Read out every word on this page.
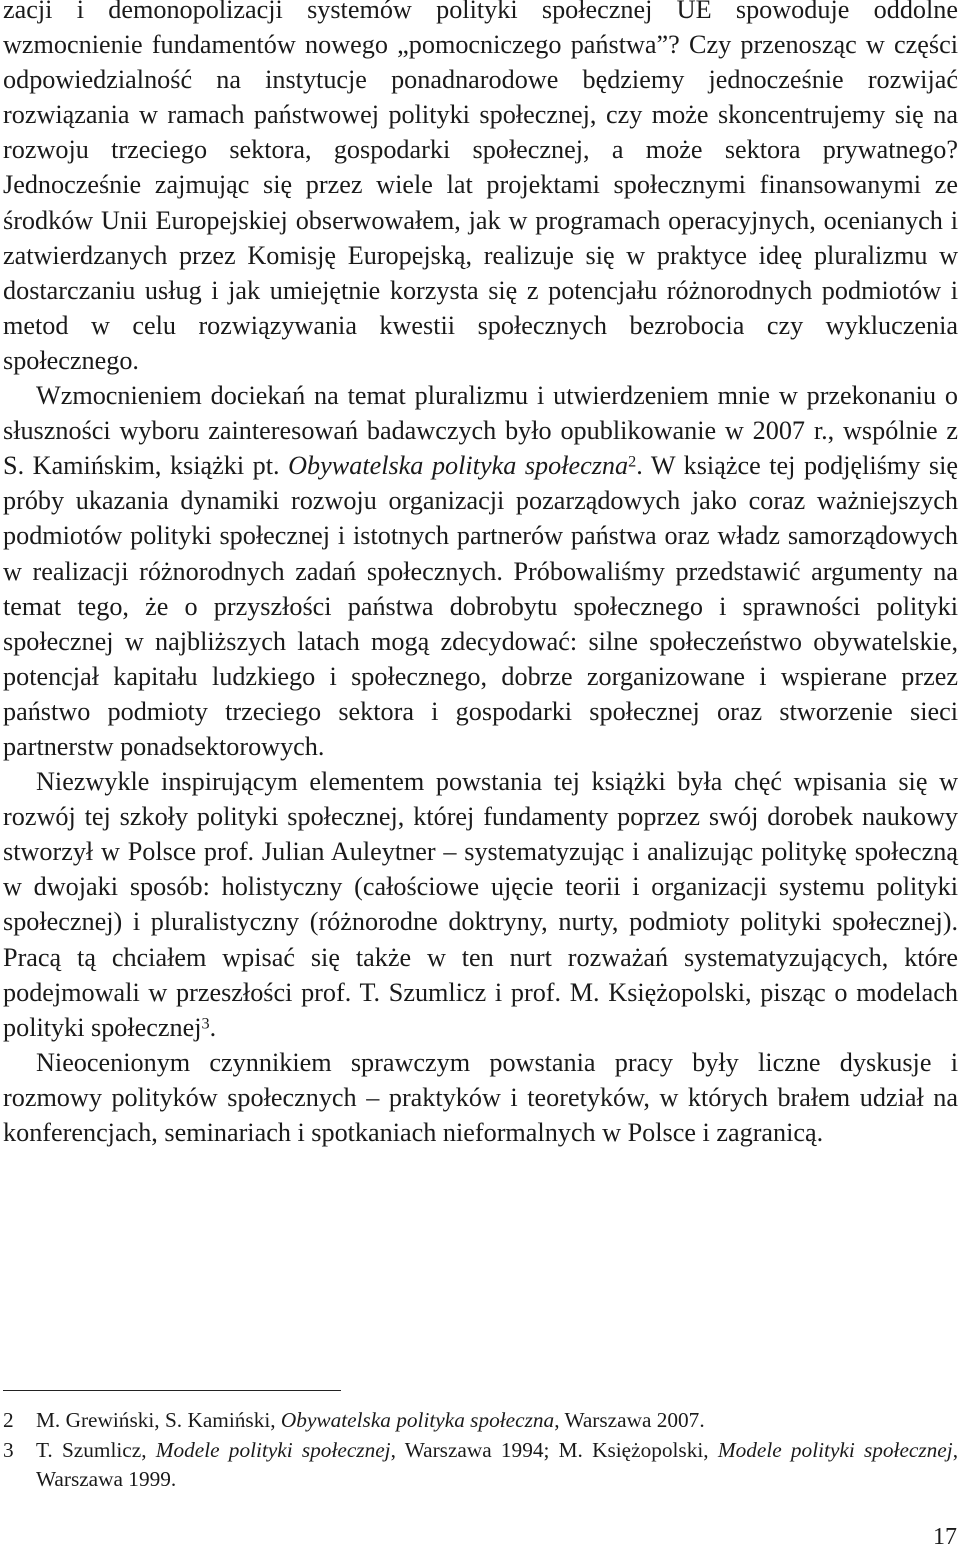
zacji i demonopolizacji systemów polityki społecznej UE spowoduje oddolne wzmocnienie fundamentów nowego „pomocniczego państwa”? Czy przenosząc w części odpowiedzialność na instytucje ponadnarodowe będziemy jednocześnie rozwijać rozwiązania w ramach państwowej polityki społecznej, czy może skoncentrujemy się na rozwoju trzeciego sektora, gospodarki społecznej, a może sektora prywatnego? Jednocześnie zajmując się przez wiele lat projektami społecznymi finansowanymi ze środków Unii Europejskiej obserwowałem, jak w programach operacyjnych, ocenianych i zatwierdzanych przez Komisję Europejską, realizuje się w praktyce ideę pluralizmu w dostarczaniu usług i jak umiejętnie korzysta się z potencjału różnorodnych podmiotów i metod w celu rozwiązywania kwestii społecznych bezrobocia czy wykluczenia społecznego.

Wzmocnieniem dociekań na temat pluralizmu i utwierdzeniem mnie w przekonaniu o słuszności wyboru zainteresowań badawczych było opublikowanie w 2007 r., wspólnie z S. Kamińskim, książki pt. Obywatelska polityka społeczna$^2$. W książce tej podjęliśmy się próby ukazania dynamiki rozwoju organizacji pozarządowych jako coraz ważniejszych podmiotów polityki społecznej i istotnych partnerów państwa oraz władz samorządowych w realizacji różnorodnych zadań społecznych. Próbowaliśmy przedstawić argumenty na temat tego, że o przyszłości państwa dobrobytu społecznego i sprawności polityki społecznej w najbliższych latach mogą zdecydować: silne społeczeństwo obywatelskie, potencjał kapitału ludzkiego i społecznego, dobrze zorganizowane i wspierane przez państwo podmioty trzeciego sektora i gospodarki społecznej oraz stworzenie sieci partnerstw ponadsektorowych.

Niezwykle inspirującym elementem powstania tej książki była chęć wpisania się w rozwój tej szkoły polityki społecznej, której fundamenty poprzez swój dorobek naukowy stworzył w Polsce prof. Julian Auleytner – systematyzując i analizując politykę społeczną w dwojaki sposób: holistyczny (całościowe ujęcie teorii i organizacji systemu polityki społecznej) i pluralistyczny (różnorodne doktryny, nurty, podmioty polityki społecznej). Pracą tą chciałem wpisać się także w ten nurt rozważań systematyzujących, które podejmowali w przeszłości prof. T. Szumlicz i prof. M. Księżopolski, pisząc o modelach polityki społecznej$^3$.

Nieocenionym czynnikiem sprawczym powstania pracy były liczne dyskusje i rozmowy polityków społecznych – praktyków i teoretyków, w których brałem udział na konferencjach, seminariach i spotkaniach nieformalnych w Polsce i zagranicą.

2 M. Grewiński, S. Kamiński, Obywatelska polityka społeczna, Warszawa 2007.

3 T. Szumlicz, Modele polityki społecznej, Warszawa 1994; M. Księżopolski, Modele polityki społecznej, Warszawa 1999.

17
